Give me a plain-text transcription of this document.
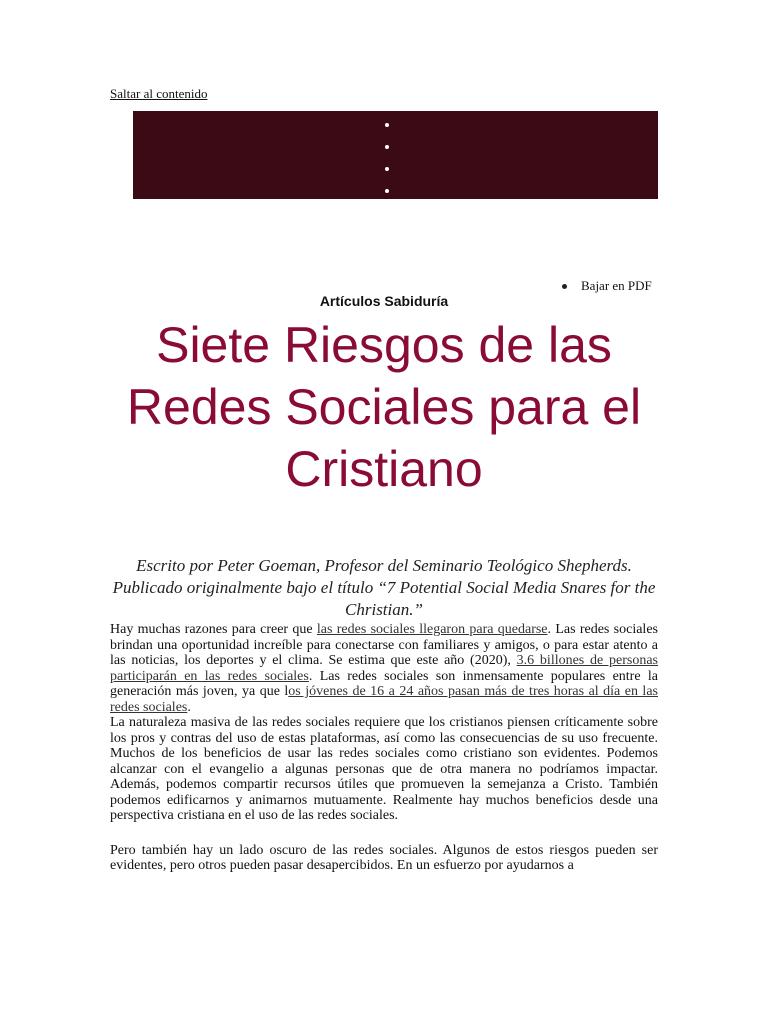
Saltar al contenido
Bajar en PDF
Artículos Sabiduría
Siete Riesgos de las Redes Sociales para el Cristiano

Escrito por Peter Goeman, Profesor del Seminario Teológico Shepherds. Publicado originalmente bajo el título “7 Potential Social Media Snares for the Christian.”

Hay muchas razones para creer que las redes sociales llegaron para quedarse. Las redes sociales brindan una oportunidad increíble para conectarse con familiares y amigos, o para estar atento a las noticias, los deportes y el clima. Se estima que este año (2020), 3.6 billones de personas participarán en las redes sociales. Las redes sociales son inmensamente populares entre la generación más joven, ya que los jóvenes de 16 a 24 años pasan más de tres horas al día en las redes sociales.

La naturaleza masiva de las redes sociales requiere que los cristianos piensen críticamente sobre los pros y contras del uso de estas plataformas, así como las consecuencias de su uso frecuente. Muchos de los beneficios de usar las redes sociales como cristiano son evidentes. Podemos alcanzar con el evangelio a algunas personas que de otra manera no podríamos impactar. Además, podemos compartir recursos útiles que promueven la semejanza a Cristo. También podemos edificarnos y animarnos mutuamente. Realmente hay muchos beneficios desde una perspectiva cristiana en el uso de las redes sociales.

Pero también hay un lado oscuro de las redes sociales. Algunos de estos riesgos pueden ser evidentes, pero otros pueden pasar desapercibidos. En un esfuerzo por ayudarnos a
